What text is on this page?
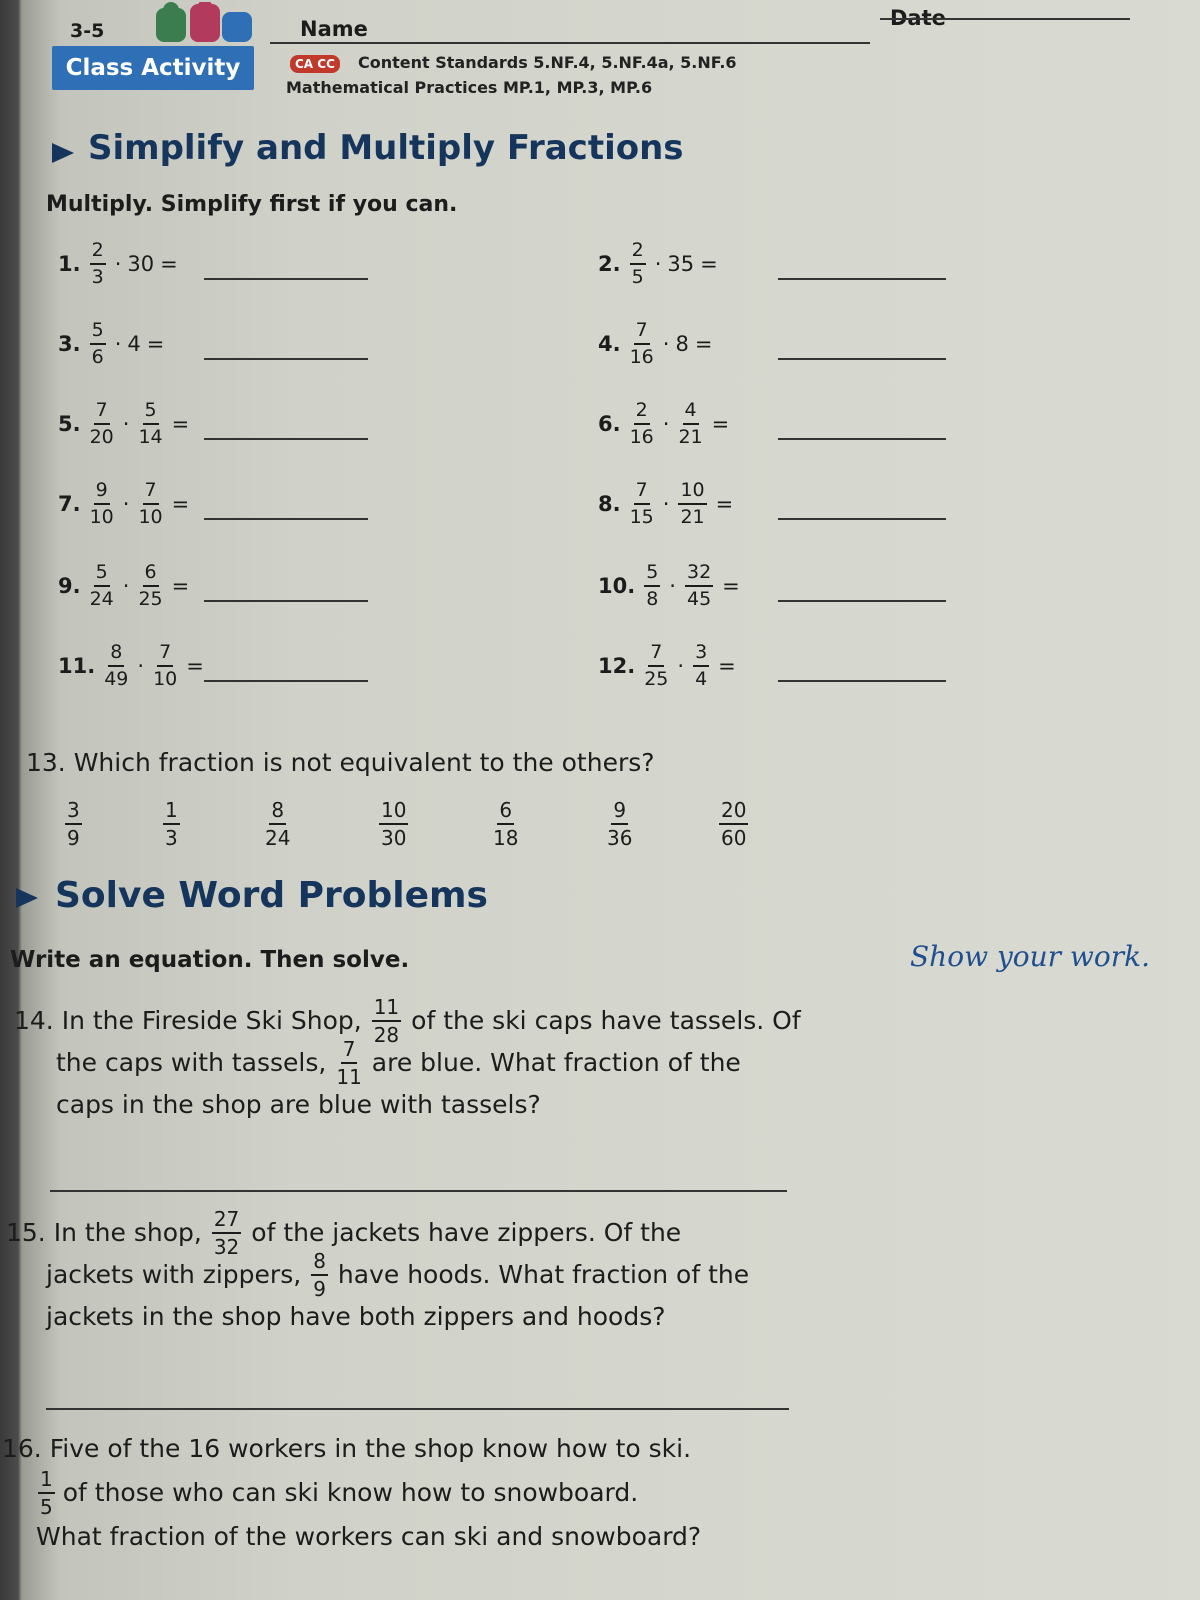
3-5	Name	Date
Class Activity	CA CC	Content Standards 5.NF.4, 5.NF.4a, 5.NF.6
Mathematical Practices MP.1, MP.3, MP.6
Simplify and Multiply Fractions
Multiply. Simplify first if you can.
1. $\frac{2}{3} \cdot 30$ =	2. $\frac{2}{5} \cdot 35$ =
3. $\frac{5}{6} \cdot 4$ =	4. $\frac{7}{16} \cdot 8$ =
5. $\frac{7}{20} \cdot \frac{5}{14}$ =	6. $\frac{2}{16} \cdot \frac{4}{21}$ =
7. $\frac{9}{10} \cdot \frac{7}{10}$ =	8. $\frac{7}{15} \cdot \frac{10}{21}$ =
9. $\frac{5}{24} \cdot \frac{6}{25}$ =	10. $\frac{5}{8} \cdot \frac{32}{45}$ =
11. $\frac{8}{49} \cdot \frac{7}{10}$ =	12. $\frac{7}{25} \cdot \frac{3}{4}$ =
13. Which fraction is not equivalent to the others?
$\frac{3}{9}$	$\frac{1}{3}$	$\frac{8}{24}$	$\frac{10}{30}$	$\frac{6}{18}$	$\frac{9}{36}$	$\frac{20}{60}$
Solve Word Problems
Write an equation. Then solve.	Show your work.
14. In the Fireside Ski Shop, $\frac{11}{28}$ of the ski caps have tassels. Of
the caps with tassels, $\frac{7}{11}$ are blue. What fraction of the
caps in the shop are blue with tassels?
15. In the shop, $\frac{27}{32}$ of the jackets have zippers. Of the
jackets with zippers, $\frac{8}{9}$ have hoods. What fraction of the
jackets in the shop have both zippers and hoods?
16. Five of the 16 workers in the shop know how to ski.
$\frac{1}{5}$ of those who can ski know how to snowboard.
What fraction of the workers can ski and snowboard?
